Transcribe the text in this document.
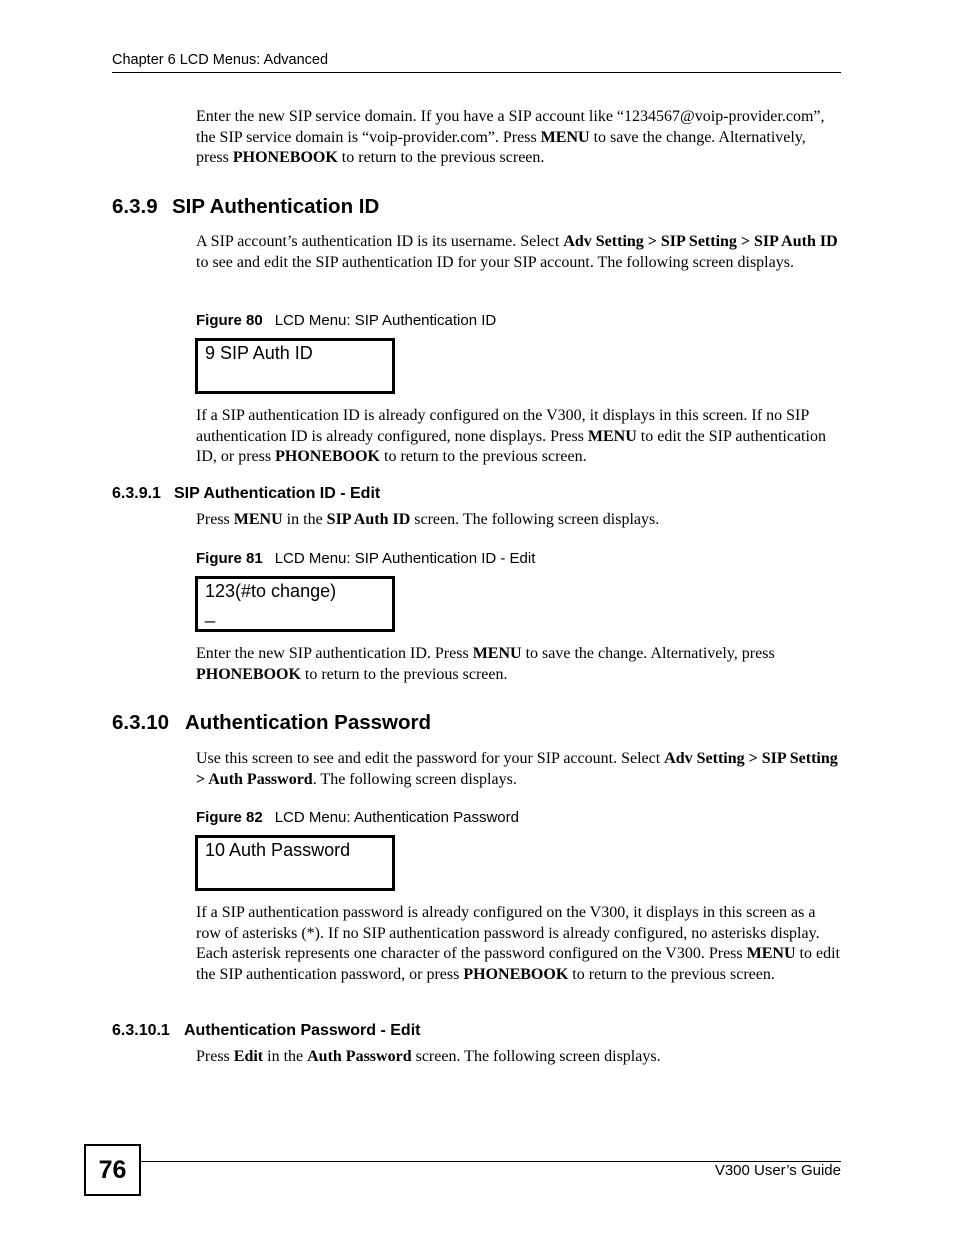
Chapter 6 LCD Menus: Advanced
Enter the new SIP service domain. If you have a SIP account like “1234567@voip-provider.com”, the SIP service domain is “voip-provider.com”. Press MENU to save the change. Alternatively, press PHONEBOOK to return to the previous screen.
6.3.9 SIP Authentication ID
A SIP account’s authentication ID is its username. Select Adv Setting > SIP Setting > SIP Auth ID to see and edit the SIP authentication ID for your SIP account. The following screen displays.
Figure 80 LCD Menu: SIP Authentication ID
9 SIP Auth ID
If a SIP authentication ID is already configured on the V300, it displays in this screen. If no SIP authentication ID is already configured, none displays. Press MENU to edit the SIP authentication ID, or press PHONEBOOK to return to the previous screen.
6.3.9.1 SIP Authentication ID - Edit
Press MENU in the SIP Auth ID screen. The following screen displays.
Figure 81 LCD Menu: SIP Authentication ID - Edit
123(#to change)
_
Enter the new SIP authentication ID. Press MENU to save the change. Alternatively, press PHONEBOOK to return to the previous screen.
6.3.10 Authentication Password
Use this screen to see and edit the password for your SIP account. Select Adv Setting > SIP Setting > Auth Password. The following screen displays.
Figure 82 LCD Menu: Authentication Password
10 Auth Password
If a SIP authentication password is already configured on the V300, it displays in this screen as a row of asterisks (*). If no SIP authentication password is already configured, no asterisks display. Each asterisk represents one character of the password configured on the V300. Press MENU to edit the SIP authentication password, or press PHONEBOOK to return to the previous screen.
6.3.10.1 Authentication Password - Edit
Press Edit in the Auth Password screen. The following screen displays.
76	V300 User’s Guide
